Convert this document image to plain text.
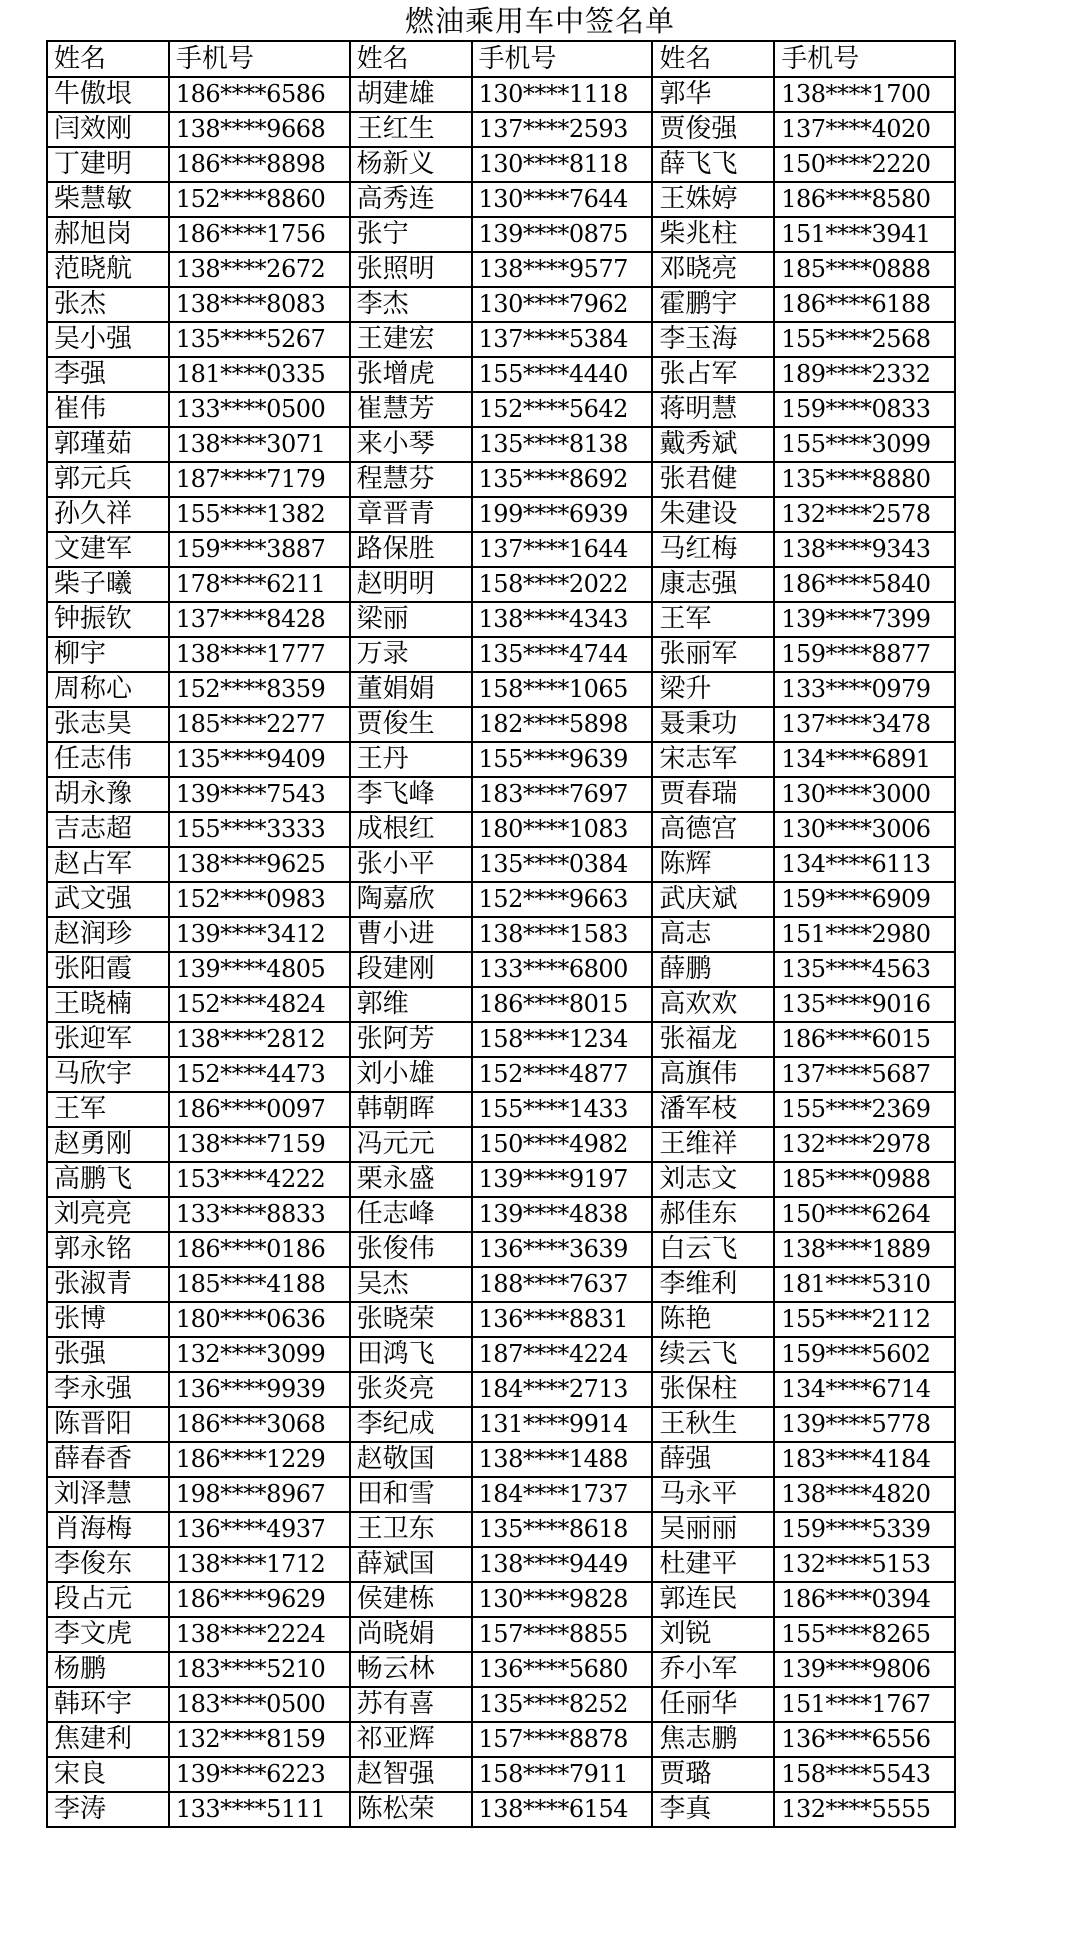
燃油乘用车中签名单
姓名	手机号	姓名	手机号	姓名	手机号
牛傲垠	186****6586	胡建雄	130****1118	郭华	138****1700
闫效刚	138****9668	王红生	137****2593	贾俊强	137****4020
丁建明	186****8898	杨新义	130****8118	薛飞飞	150****2220
柴慧敏	152****8860	高秀连	130****7644	王姝婷	186****8580
郝旭岗	186****1756	张宁	139****0875	柴兆柱	151****3941
范晓航	138****2672	张照明	138****9577	邓晓亮	185****0888
张杰	138****8083	李杰	130****7962	霍鹏宇	186****6188
吴小强	135****5267	王建宏	137****5384	李玉海	155****2568
李强	181****0335	张增虎	155****4440	张占军	189****2332
崔伟	133****0500	崔慧芳	152****5642	蒋明慧	159****0833
郭瑾茹	138****3071	来小琴	135****8138	戴秀斌	155****3099
郭元兵	187****7179	程慧芬	135****8692	张君健	135****8880
孙久祥	155****1382	章晋青	199****6939	朱建设	132****2578
文建军	159****3887	路保胜	137****1644	马红梅	138****9343
柴子曦	178****6211	赵明明	158****2022	康志强	186****5840
钟振钦	137****8428	梁丽	138****4343	王军	139****7399
柳宇	138****1777	万录	135****4744	张丽军	159****8877
周称心	152****8359	董娟娟	158****1065	梁升	133****0979
张志昊	185****2277	贾俊生	182****5898	聂秉功	137****3478
任志伟	135****9409	王丹	155****9639	宋志军	134****6891
胡永豫	139****7543	李飞峰	183****7697	贾春瑞	130****3000
吉志超	155****3333	成根红	180****1083	高德宫	130****3006
赵占军	138****9625	张小平	135****0384	陈辉	134****6113
武文强	152****0983	陶嘉欣	152****9663	武庆斌	159****6909
赵润珍	139****3412	曹小进	138****1583	高志	151****2980
张阳霞	139****4805	段建刚	133****6800	薛鹏	135****4563
王晓楠	152****4824	郭维	186****8015	高欢欢	135****9016
张迎军	138****2812	张阿芳	158****1234	张福龙	186****6015
马欣宇	152****4473	刘小雄	152****4877	高旗伟	137****5687
王军	186****0097	韩朝晖	155****1433	潘军枝	155****2369
赵勇刚	138****7159	冯元元	150****4982	王维祥	132****2978
高鹏飞	153****4222	栗永盛	139****9197	刘志文	185****0988
刘亮亮	133****8833	任志峰	139****4838	郝佳东	150****6264
郭永铭	186****0186	张俊伟	136****3639	白云飞	138****1889
张淑青	185****4188	吴杰	188****7637	李维利	181****5310
张博	180****0636	张晓荣	136****8831	陈艳	155****2112
张强	132****3099	田鸿飞	187****4224	续云飞	159****5602
李永强	136****9939	张炎亮	184****2713	张保柱	134****6714
陈晋阳	186****3068	李纪成	131****9914	王秋生	139****5778
薛春香	186****1229	赵敬国	138****1488	薛强	183****4184
刘泽慧	198****8967	田和雪	184****1737	马永平	138****4820
肖海梅	136****4937	王卫东	135****8618	吴丽丽	159****5339
李俊东	138****1712	薛斌国	138****9449	杜建平	132****5153
段占元	186****9629	侯建栋	130****9828	郭连民	186****0394
李文虎	138****2224	尚晓娟	157****8855	刘锐	155****8265
杨鹏	183****5210	畅云林	136****5680	乔小军	139****9806
韩环宇	183****0500	苏有喜	135****8252	任丽华	151****1767
焦建利	132****8159	祁亚辉	157****8878	焦志鹏	136****6556
宋良	139****6223	赵智强	158****7911	贾璐	158****5543
李涛	133****5111	陈松荣	138****6154	李真	132****5555
